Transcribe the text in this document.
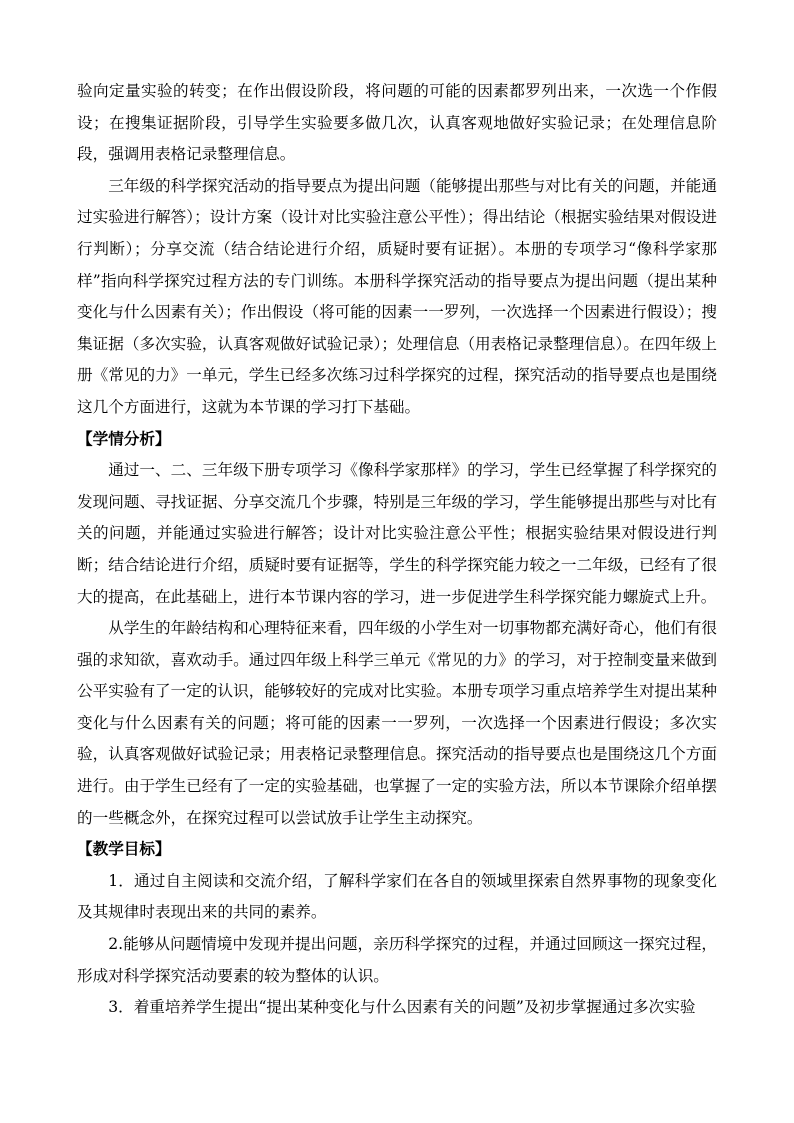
验向定量实验的转变；在作出假设阶段，将问题的可能的因素都罗列出来，一次选一个作假设；在搜集证据阶段，引导学生实验要多做几次，认真客观地做好实验记录；在处理信息阶段，强调用表格记录整理信息。

三年级的科学探究活动的指导要点为提出问题（能够提出那些与对比有关的问题，并能通过实验进行解答）；设计方案（设计对比实验注意公平性）；得出结论（根据实验结果对假设进行判断）；分享交流（结合结论进行介绍，质疑时要有证据）。本册的专项学习“像科学家那样”指向科学探究过程方法的专门训练。本册科学探究活动的指导要点为提出问题（提出某种变化与什么因素有关）；作出假设（将可能的因素一一罗列，一次选择一个因素进行假设）；搜集证据（多次实验，认真客观做好试验记录）；处理信息（用表格记录整理信息）。在四年级上册《常见的力》一单元，学生已经多次练习过科学探究的过程，探究活动的指导要点也是围绕这几个方面进行，这就为本节课的学习打下基础。

【学情分析】

通过一、二、三年级下册专项学习《像科学家那样》的学习，学生已经掌握了科学探究的发现问题、寻找证据、分享交流几个步骤，特别是三年级的学习，学生能够提出那些与对比有关的问题，并能通过实验进行解答；设计对比实验注意公平性；根据实验结果对假设进行判断；结合结论进行介绍，质疑时要有证据等，学生的科学探究能力较之一二年级，已经有了很大的提高，在此基础上，进行本节课内容的学习，进一步促进学生科学探究能力螺旋式上升。

从学生的年龄结构和心理特征来看，四年级的小学生对一切事物都充满好奇心，他们有很强的求知欲，喜欢动手。通过四年级上科学三单元《常见的力》的学习，对于控制变量来做到公平实验有了一定的认识，能够较好的完成对比实验。本册专项学习重点培养学生对提出某种变化与什么因素有关的问题；将可能的因素一一罗列，一次选择一个因素进行假设；多次实验，认真客观做好试验记录；用表格记录整理信息。探究活动的指导要点也是围绕这几个方面进行。由于学生已经有了一定的实验基础，也掌握了一定的实验方法，所以本节课除介绍单摆的一些概念外，在探究过程可以尝试放手让学生主动探究。

【教学目标】

1．通过自主阅读和交流介绍，了解科学家们在各自的领域里探索自然界事物的现象变化及其规律时表现出来的共同的素养。

2.能够从问题情境中发现并提出问题，亲历科学探究的过程，并通过回顾这一探究过程，形成对科学探究活动要素的较为整体的认识。

3．着重培养学生提出“提出某种变化与什么因素有关的问题”及初步掌握通过多次实验
